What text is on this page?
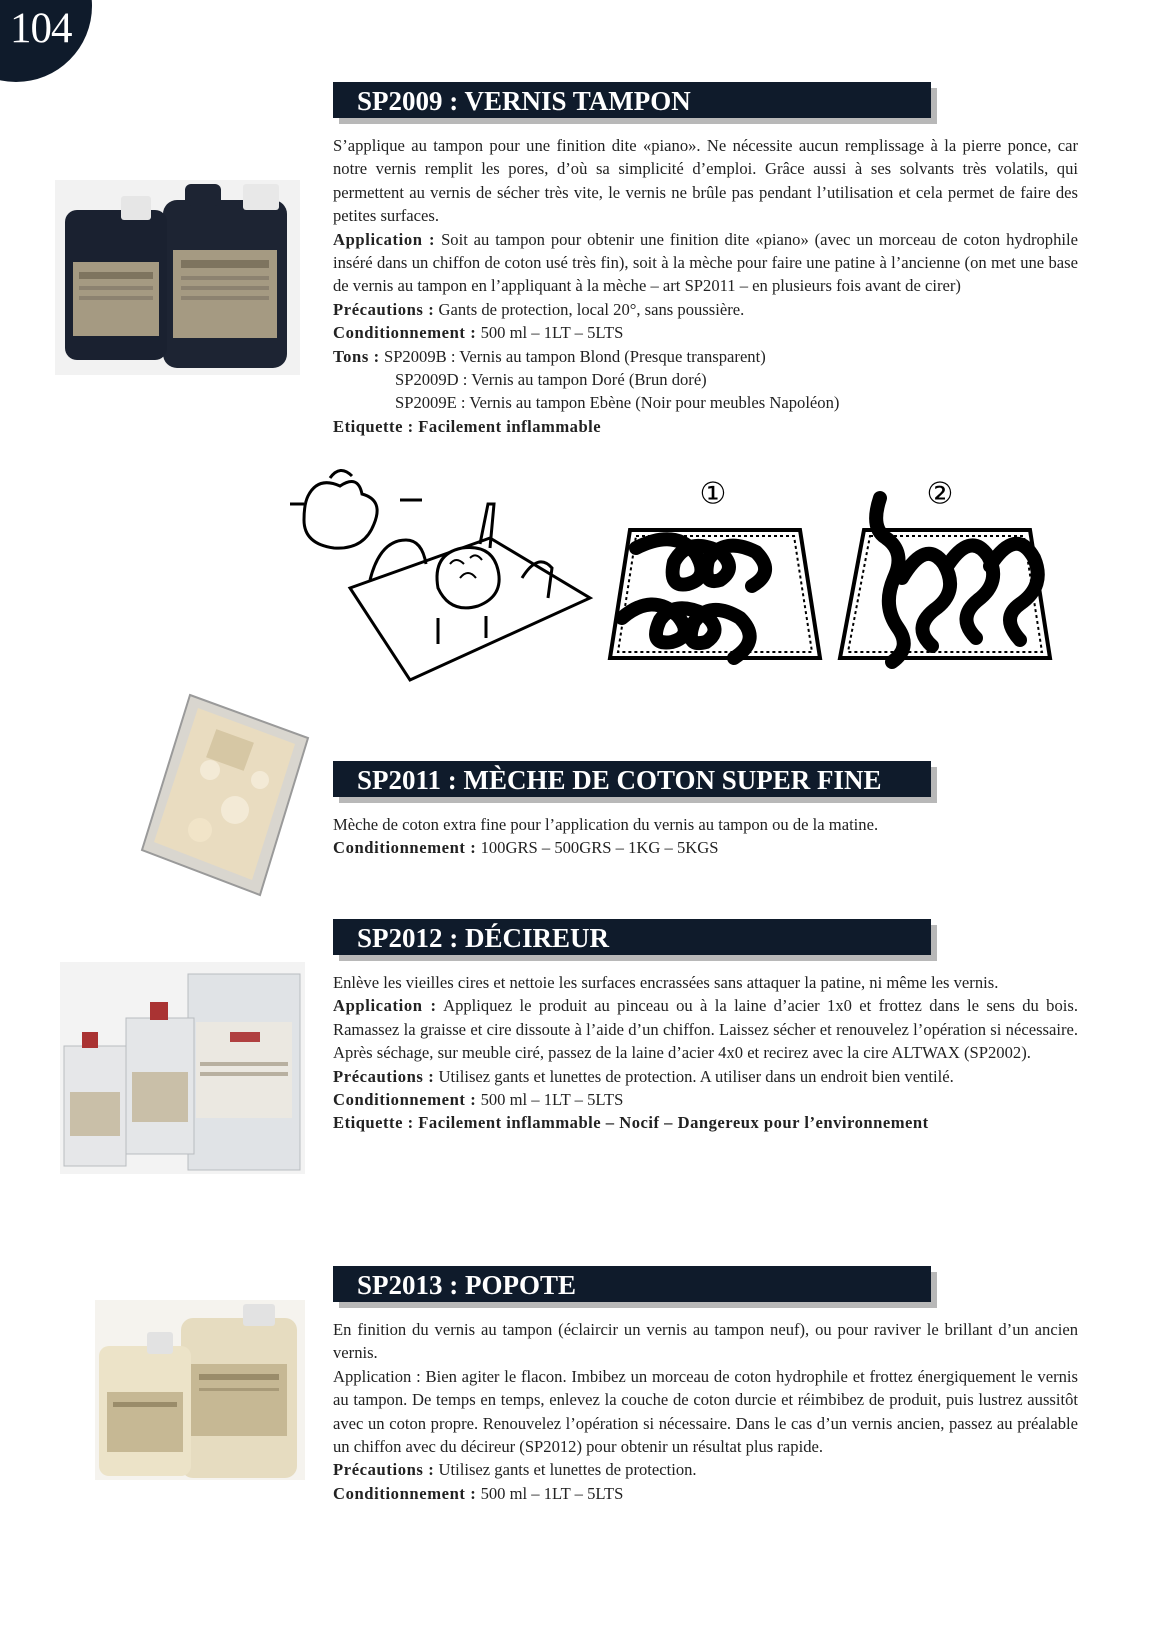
104
SP2009 : VERNIS TAMPON

S’applique au tampon pour une finition dite «piano». Ne nécessite aucun remplissage à la pierre ponce, car notre vernis remplit les pores, d’où sa simplicité d’emploi. Grâce aussi à ses solvants très volatils, qui permettent au vernis de sécher très vite, le vernis ne brûle pas pendant l’utilisation et cela permet de faire des petites surfaces.

Application : Soit au tampon pour obtenir une finition dite «piano» (avec un morceau de coton hydrophile inséré dans un chiffon de coton usé très fin), soit à la mèche pour faire une patine à l’ancienne (on met une base de vernis au tampon en l’appliquant à la mèche – art SP2011 – en plusieurs fois avant de cirer)

Précautions : Gants de protection, local 20°, sans poussière.

Conditionnement : 500 ml – 1LT – 5LTS

Tons : SP2009B : Vernis au tampon Blond (Presque transparent)

SP2009D : Vernis au tampon Doré (Brun doré)

SP2009E : Vernis au tampon Ebène (Noir pour meubles Napoléon)

Etiquette : Facilement inflammable

①	②
SP2011 : MÈCHE DE COTON SUPER FINE

Mèche de coton extra fine pour l’application du vernis au tampon ou de la matine.

Conditionnement : 100GRS – 500GRS – 1KG – 5KGS

SP2012 : DÉCIREUR

Enlève les vieilles cires et nettoie les surfaces encrassées sans attaquer la patine, ni même les vernis.

Application : Appliquez le produit au pinceau ou à la laine d’acier 1x0 et frottez dans le sens du bois. Ramassez la graisse et cire dissoute à l’aide d’un chiffon. Laissez sécher et renouvelez l’opération si nécessaire. Après séchage, sur meuble ciré, passez de la laine d’acier 4x0 et recirez avec la cire ALTWAX (SP2002).

Précautions : Utilisez gants et lunettes de protection. A utiliser dans un endroit bien ventilé.

Conditionnement : 500 ml – 1LT – 5LTS

Etiquette : Facilement inflammable – Nocif – Dangereux pour l’environnement

SP2013 : POPOTE

En finition du vernis au tampon (éclaircir un vernis au tampon neuf), ou pour raviver le brillant d’un ancien vernis.

Application : Bien agiter le flacon. Imbibez un morceau de coton hydrophile et frottez énergiquement le vernis au tampon. De temps en temps, enlevez la couche de coton durcie et réimbibez de produit, puis lustrez aussitôt avec un coton propre. Renouvelez l’opération si nécessaire. Dans le cas d’un vernis ancien, passez au préalable un chiffon avec du décireur (SP2012) pour obtenir un résultat plus rapide.

Précautions : Utilisez gants et lunettes de protection.

Conditionnement : 500 ml – 1LT – 5LTS
